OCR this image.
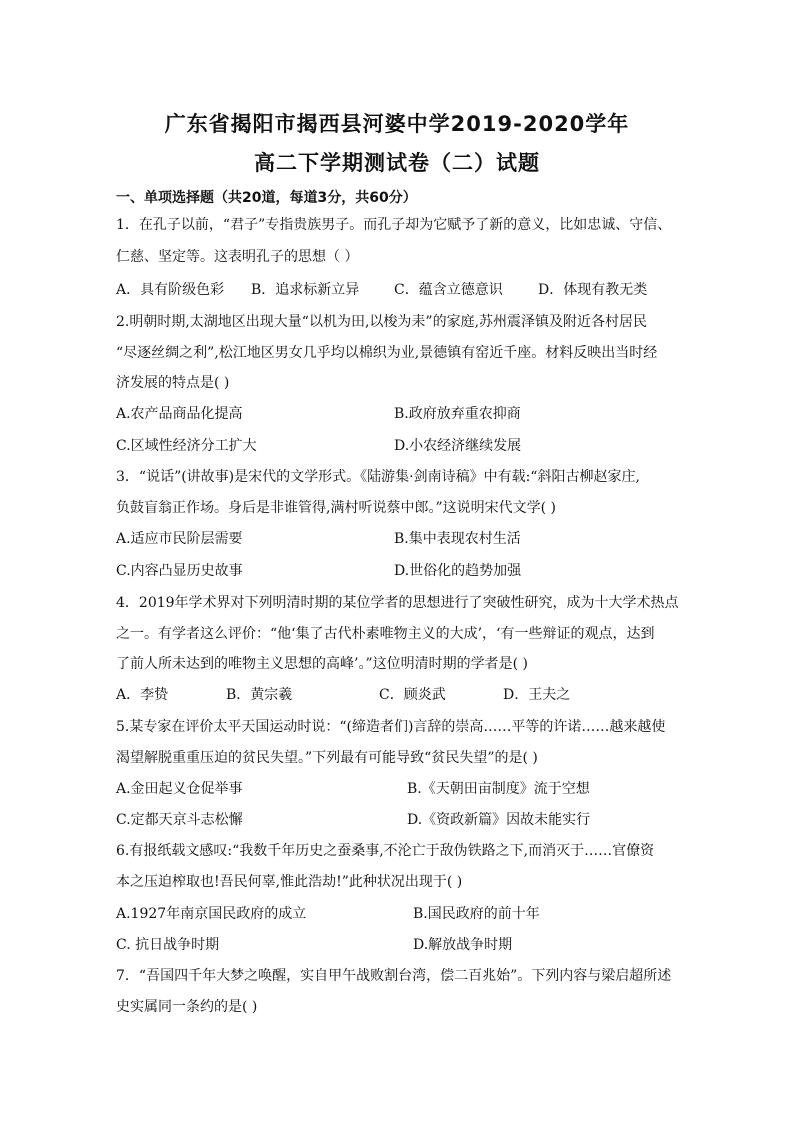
广东省揭阳市揭西县河婆中学2019-2020学年
高二下学期测试卷（二）试题
一、单项选择题（共20道，每道3分，共60分）
1．在孔子以前，“君子”专指贵族男子。而孔子却为它赋予了新的意义，比如忠诚、守信、
仁慈、坚定等。这表明孔子的思想（ ）
A．具有阶级色彩 B．追求标新立异 C．蕴含立德意识	D．体现有教无类
2.明朝时期,太湖地区出现大量“以机为田,以梭为耒”的家庭,苏州震泽镇及附近各村居民
“尽逐丝绸之利”,松江地区男女几乎均以棉织为业,景德镇有窑近千座。材料反映出当时经
济发展的特点是( )
A.农产品商品化提高	B.政府放弃重农抑商
C.区域性经济分工扩大	D.小农经济继续发展
3．“说话”(讲故事)是宋代的文学形式。《陆游集·剑南诗稿》中有载:“斜阳古柳赵家庄,
负鼓盲翁正作场。身后是非谁管得,满村听说蔡中郎。”这说明宋代文学( )
A.适应市民阶层需要	B.集中表现农村生活
C.内容凸显历史故事	D.世俗化的趋势加强
4．2019年学术界对下列明清时期的某位学者的思想进行了突破性研究，成为十大学术热点
之一。有学者这么评价：“他‘集了古代朴素唯物主义的大成’，‘有一些辩证的观点，达到
了前人所未达到的唯物主义思想的高峰’。”这位明清时期的学者是( )
A．李贽	B．黄宗羲	C．顾炎武	D．王夫之
5.某专家在评价太平天国运动时说：“(缔造者们)言辞的崇高……平等的许诺……越来越使
渴望解脱重重压迫的贫民失望。”下列最有可能导致“贫民失望”的是( )
A.金田起义仓促举事	B.《天朝田亩制度》流于空想
C.定都天京斗志松懈	D.《资政新篇》因故未能实行
6.有报纸载文感叹:“我数千年历史之蚕桑事,不沦亡于敌伪铁路之下,而消灭于……官僚资
本之压迫榨取也!吾民何辜,惟此浩劫!”此种状况出现于( )
A.1927年南京国民政府的成立	B.国民政府的前十年
C. 抗日战争时期	D.解放战争时期
7．“吾国四千年大梦之唤醒，实自甲午战败割台湾，偿二百兆始”。下列内容与梁启超所述
史实属同一条约的是( )
